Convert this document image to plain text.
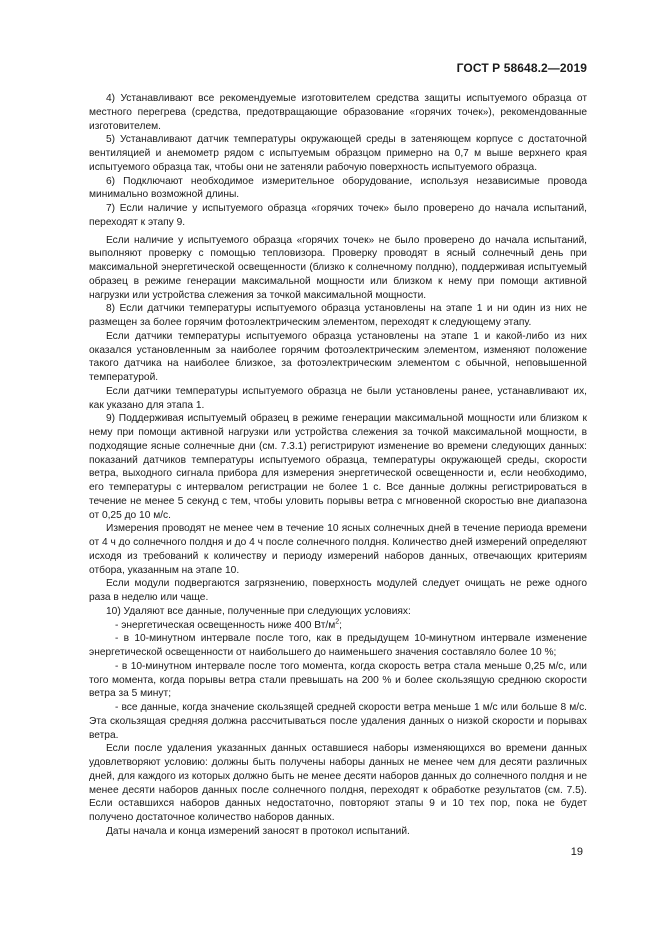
ГОСТ Р 58648.2—2019

4) Устанавливают все рекомендуемые изготовителем средства защиты испытуемого образца от местного перегрева (средства, предотвращающие образование «горячих точек»), рекомендованные изготовителем.

5) Устанавливают датчик температуры окружающей среды в затеняющем корпусе с достаточной вентиляцией и анемометр рядом с испытуемым образцом примерно на 0,7 м выше верхнего края испытуемого образца так, чтобы они не затеняли рабочую поверхность испытуемого образца.

6) Подключают необходимое измерительное оборудование, используя независимые провода минимально возможной длины.

7) Если наличие у испытуемого образца «горячих точек» было проверено до начала испытаний, переходят к этапу 9.

Если наличие у испытуемого образца «горячих точек» не было проверено до начала испытаний, выполняют проверку с помощью тепловизора. Проверку проводят в ясный солнечный день при максимальной энергетической освещенности (близко к солнечному полдню), поддерживая испытуемый образец в режиме генерации максимальной мощности или близком к нему при помощи активной нагрузки или устройства слежения за точкой максимальной мощности.

8) Если датчики температуры испытуемого образца установлены на этапе 1 и ни один из них не размещен за более горячим фотоэлектрическим элементом, переходят к следующему этапу.

Если датчики температуры испытуемого образца установлены на этапе 1 и какой-либо из них оказался установленным за наиболее горячим фотоэлектрическим элементом, изменяют положение такого датчика на наиболее близкое, за фотоэлектрическим элементом с обычной, неповышенной температурой.

Если датчики температуры испытуемого образца не были установлены ранее, устанавливают их, как указано для этапа 1.

9) Поддерживая испытуемый образец в режиме генерации максимальной мощности или близком к нему при помощи активной нагрузки или устройства слежения за точкой максимальной мощности, в подходящие ясные солнечные дни (см. 7.3.1) регистрируют изменение во времени следующих данных: показаний датчиков температуры испытуемого образца, температуры окружающей среды, скорости ветра, выходного сигнала прибора для измерения энергетической освещенности и, если необходимо, его температуры с интервалом регистрации не более 1 с. Все данные должны регистрироваться в течение не менее 5 секунд с тем, чтобы уловить порывы ветра с мгновенной скоростью вне диапазона от 0,25 до 10 м/с.

Измерения проводят не менее чем в течение 10 ясных солнечных дней в течение периода времени от 4 ч до солнечного полдня и до 4 ч после солнечного полдня. Количество дней измерений определяют исходя из требований к количеству и периоду измерений наборов данных, отвечающих критериям отбора, указанным на этапе 10.

Если модули подвергаются загрязнению, поверхность модулей следует очищать не реже одного раза в неделю или чаще.

10) Удаляют все данные, полученные при следующих условиях:

- энергетическая освещенность ниже 400 $Вт/м^2$;

- в 10-минутном интервале после того, как в предыдущем 10-минутном интервале изменение энергетической освещенности от наибольшего до наименьшего значения составляло более 10 %;

- в 10-минутном интервале после того момента, когда скорость ветра стала меньше 0,25 м/с, или того момента, когда порывы ветра стали превышать на 200 % и более скользящую среднюю скорости ветра за 5 минут;

- все данные, когда значение скользящей средней скорости ветра меньше 1 м/с или больше 8 м/с. Эта скользящая средняя должна рассчитываться после удаления данных о низкой скорости и порывах ветра.

Если после удаления указанных данных оставшиеся наборы изменяющихся во времени данных удовлетворяют условию: должны быть получены наборы данных не менее чем для десяти различных дней, для каждого из которых должно быть не менее десяти наборов данных до солнечного полдня и не менее десяти наборов данных после солнечного полдня, переходят к обработке результатов (см. 7.5). Если оставшихся наборов данных недостаточно, повторяют этапы 9 и 10 тех пор, пока не будет получено достаточное количество наборов данных.

Даты начала и конца измерений заносят в протокол испытаний.

19
